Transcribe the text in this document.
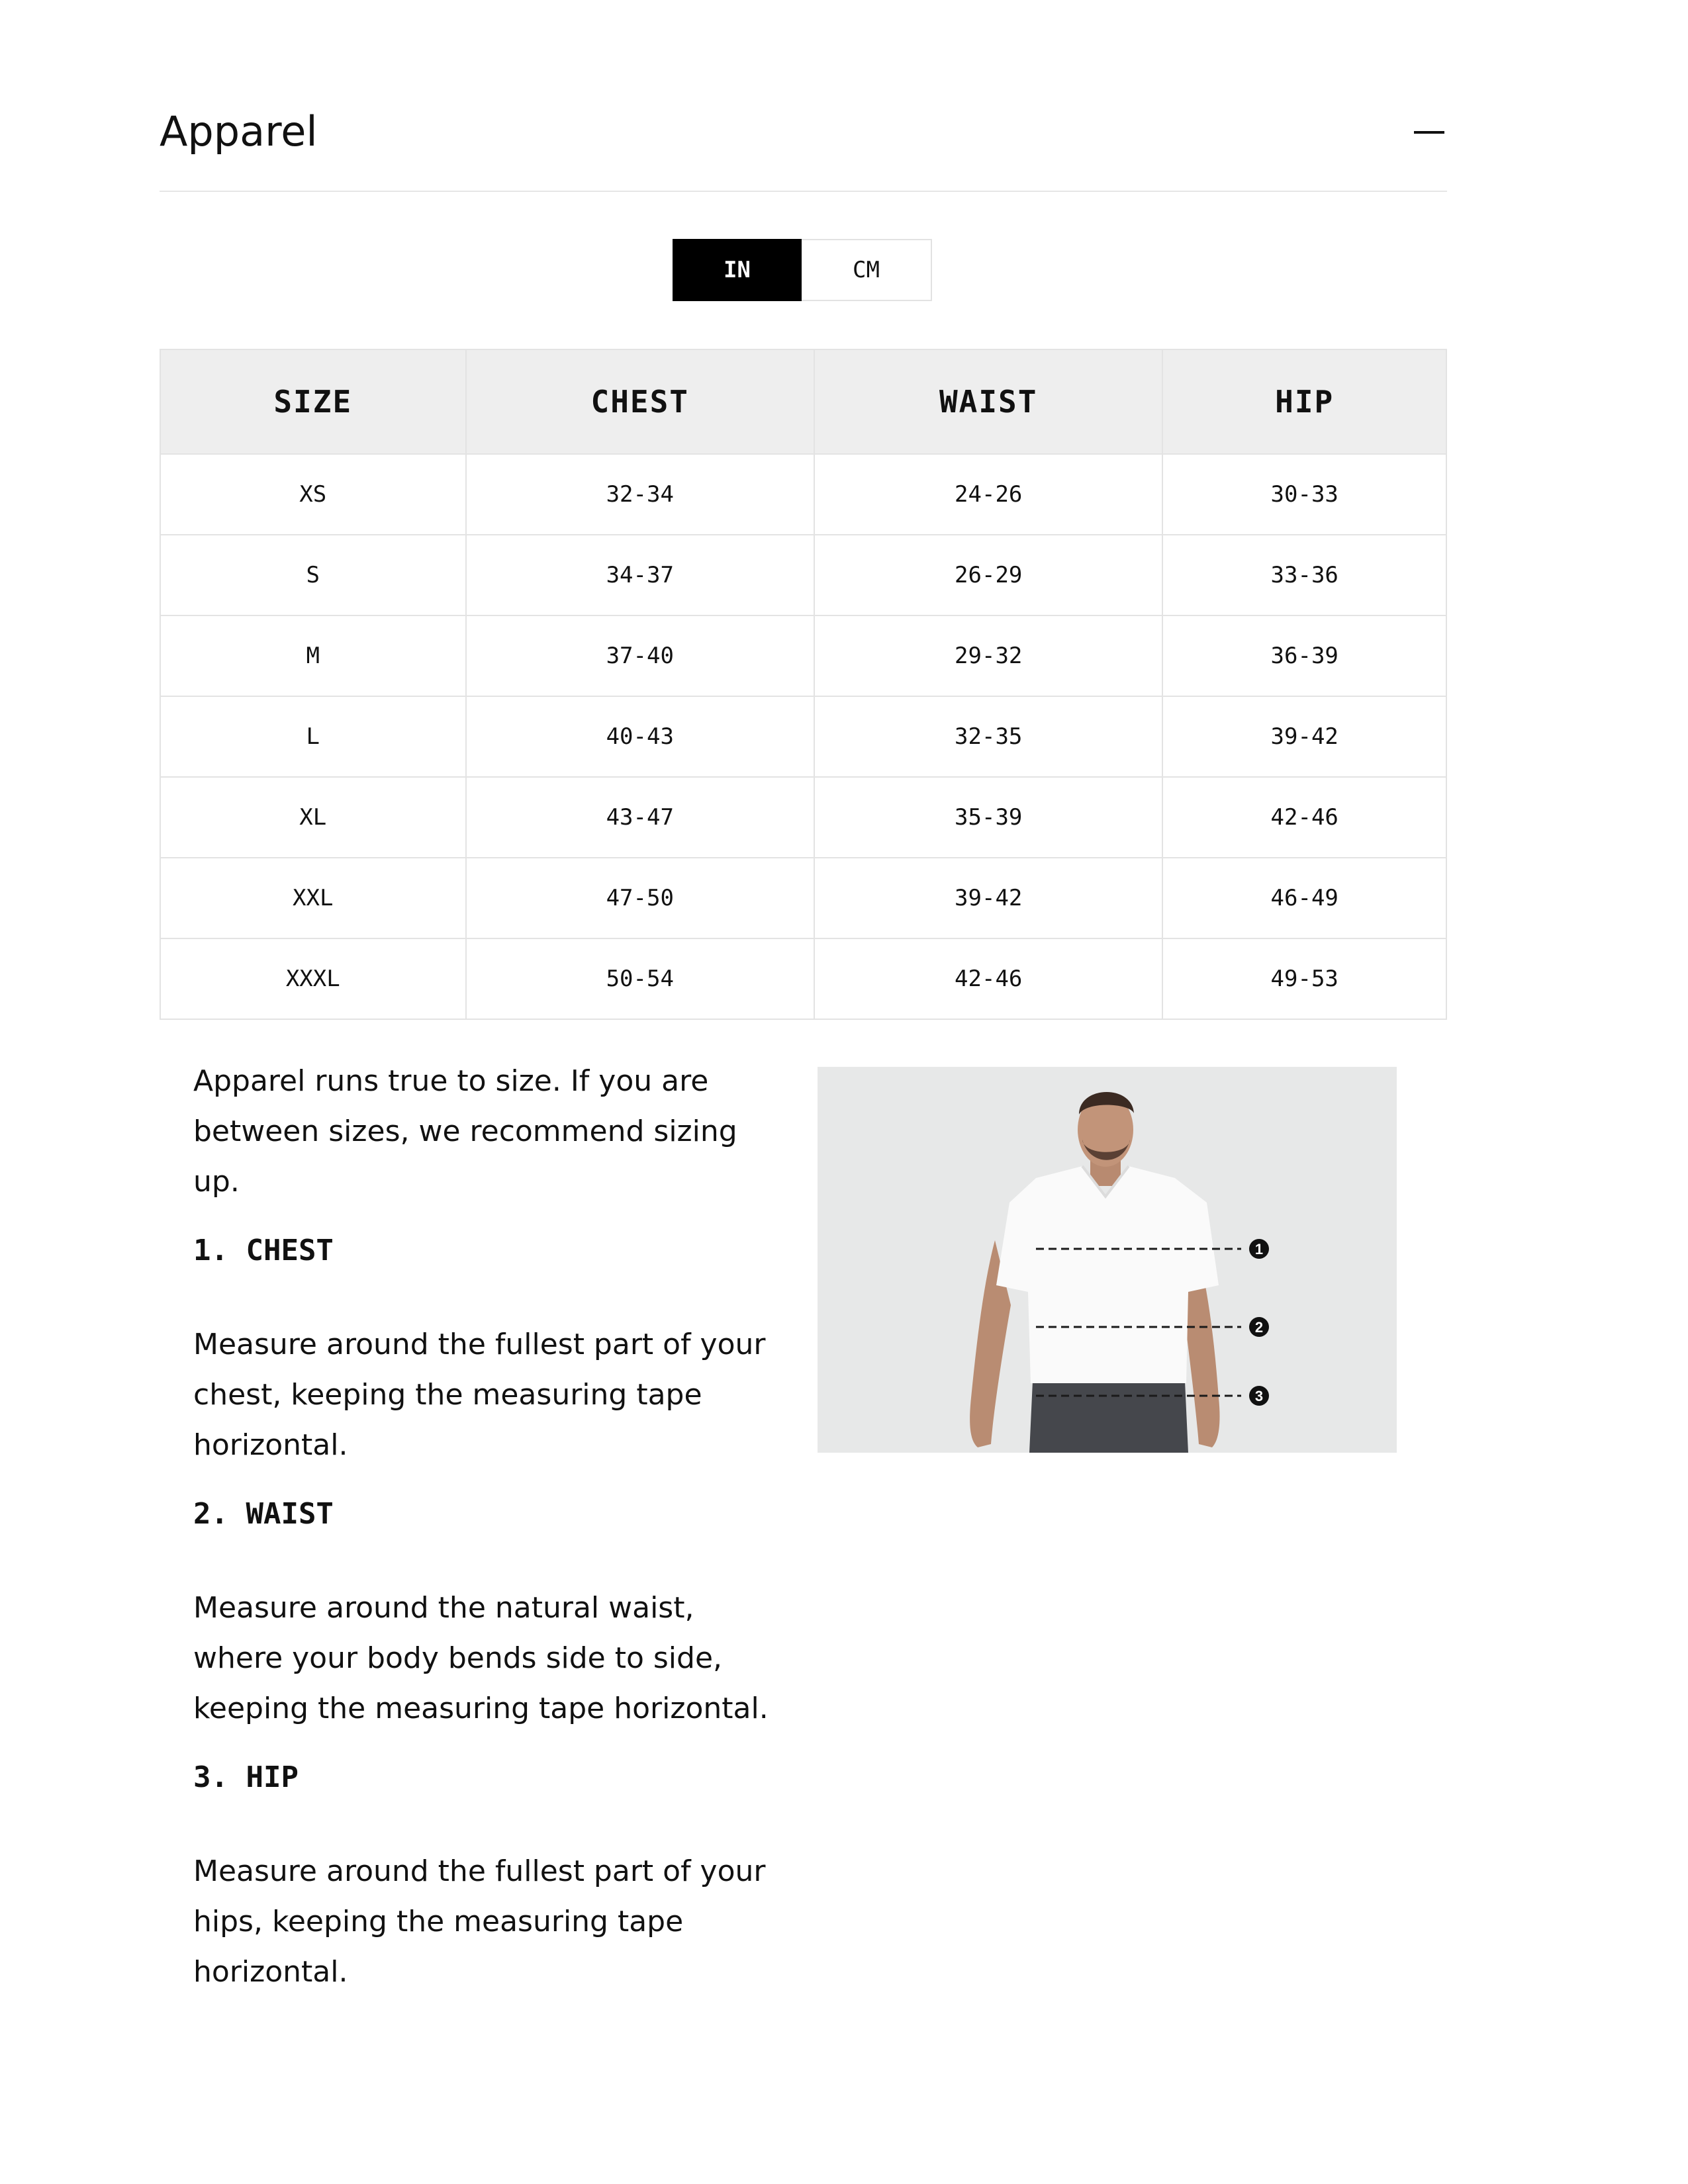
Apparel
IN	CM
SIZE	CHEST	WAIST	HIP
XS	32-34	24-26	30-33
S	34-37	26-29	33-36
M	37-40	29-32	36-39
L	40-43	32-35	39-42
XL	43-47	35-39	42-46
XXL	47-50	39-42	46-49
XXXL	50-54	42-46	49-53

Apparel runs true to size. If you are between sizes, we recommend sizing up.

1. CHEST

Measure around the fullest part of your chest, keeping the measuring tape horizontal.

2. WAIST

Measure around the natural waist, where your body bends side to side, keeping the measuring tape horizontal.

3. HIP

Measure around the fullest part of your hips, keeping the measuring tape horizontal.

1
2
3
